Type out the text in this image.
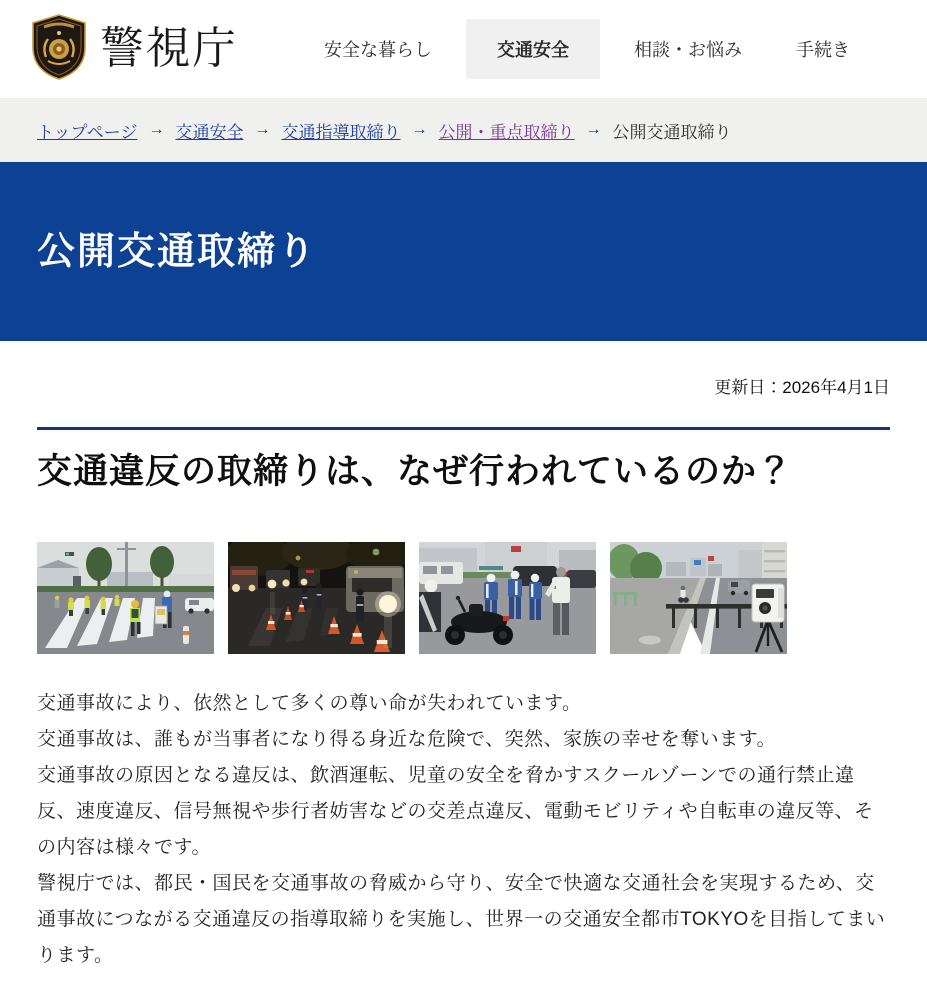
警視庁	安全な暮らし	交通安全	相談・お悩み	手続き
トップページ → 交通安全 → 交通指導取締り → 公開・重点取締り → 公開交通取締り
公開交通取締り
更新日：2026年4月1日
交通違反の取締りは、なぜ行われているのか？

交通事故により、依然として多くの尊い命が失われています。

交通事故は、誰もが当事者になり得る身近な危険で、突然、家族の幸せを奪います。

交通事故の原因となる違反は、飲酒運転、児童の安全を脅かすスクールゾーンでの通行禁止違反、速度違反、信号無視や歩行者妨害などの交差点違反、電動モビリティや自転車の違反等、その内容は様々です。

警視庁では、都民・国民を交通事故の脅威から守り、安全で快適な交通社会を実現するため、交通事故につながる交通違反の指導取締りを実施し、世界一の交通安全都市TOKYOを目指してまいります。
